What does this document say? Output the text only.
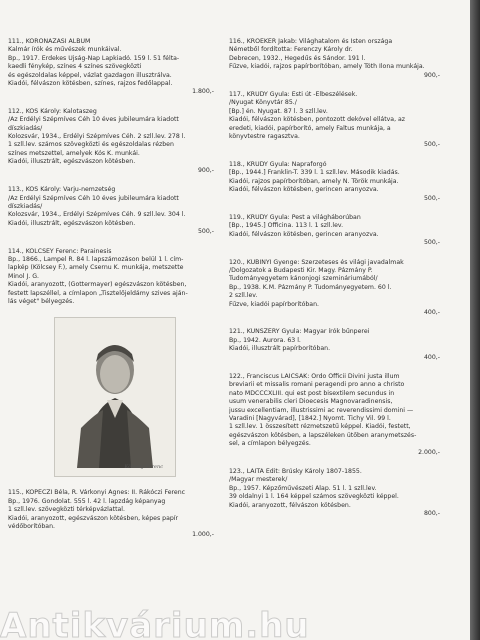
111., KORONÁZÁSI ALBUM
Kalmár írók és művészek munkáival.
Bp., 1917. Érdekes Újság-Nap Lapkiadó. 159 l. 51 félta-
kaedli fénykép, színes 4 színes szövegközti
és egészoldalas képpel, vázlat gazdagon illusztrálva.
Kiadói, félvászon kötésben, színes, rajzos fedőlappal.
1.800,-
112., KÓS Károly: Kalotaszeg
/Az Erdélyi Szépmíves Céh 10 éves jubileumára kiadott
díszkiadás/
Kolozsvár, 1934., Erdélyi Szépmíves Céh. 2 szll.lev. 278 l.
1 szll.lev. számos szövegközti és egészoldalas rézben
színes metszettel, amelyek Kós K. munkái.
Kiadói, illusztrált, egészvászon kötésben.
900,-
113., KÓS Károly: Varju-nemzetség
/Az Erdélyi Szépmíves Céh 10 éves jubileumára kiadott
díszkiadás/
Kolozsvár, 1934., Erdélyi Szépmíves Céh. 9 szll.lev. 304 l.
Kiadói, illusztrált, egészvászon kötésben.
500,-
114., KÖLCSEY Ferenc: Parainesis
Bp., 1866., Lampel R. 84 l. lapszámozáson belül 1 l. cím-
lapkép (Kölcsey F.), amely Csernu K. munkája, metszette
Minol J. G.
Kiadói, aranyozott, (Gottermayer) egészvászon kötésben,
festett lapszéllel, a címlapon „Tisztelőjeldámy szives aján-
lás véget" bélyegzés.
Kölcsey Ferenc
115., KOPECZI Béla, R. Várkonyi Ágnes: II. Rákóczi Ferenc
Bp., 1976. Gondolat. 555 l. 42 l. lapzdág képanyag
1 szll.lev. szövegközti térképvázlattal.
Kiadói, aranyozott, egészvászon kötésben, képes papír
védőborítóban.
1.000,-
116., KROEKER Jakab: Világhatalom és Isten országa
Németből fordította: Ferenczy Károly dr.
Debrecen, 1932., Hegedűs és Sándor. 191 l.
Fűzve, kiadói, rajzos papírborítóban, amely Tóth Ilona munkája.
900,-
117., KRÚDY Gyula: Esti út -Elbeszélések.
/Nyugat Könyvtár 85./
[Bp.] én. Nyugat. 87 l. 3 szll.lev.
Kiadói, félvászon kötésben, pontozott dekóvel ellátva, az
eredeti, kiadói, papírborító, amely Faltus munkája, a
könyvtestre ragasztva.
500,-
118., KRÚDY Gyula: Napraforgó
[Bp., 1944.] Franklin-T. 339 l. 1 szll.lev. Második kiadás.
Kiadói, rajzos papírborítóban, amely N. Török munkája.
Kiadói, félvászon kötésben, gerincen aranyozva.
500,-
119., KRÚDY Gyula: Pest a világháborúban
[Bp., 1945.] Officina. 113 l. 1 szll.lev.
Kiadói, félvászon kötésben, gerincen aranyozva.
500,-
120., KUBINYI Gyenge: Szerzeteses és világi javadalmak
/Dolgozatok a Budapesti Kir. Magy. Pázmány P.
Tudományegyetem kánonjogi szemináriumából/
Bp., 1938. K.M. Pázmány P. Tudományegyetem. 60 l.
2 szll.lev.
Fűzve, kiadói papírborítóban.
400,-
121., KUNSZERY Gyula: Magyar írók bűnperei
Bp., 1942. Aurora. 63 l.
Kiadói, illusztrált papírborítóban.
400,-
122., Franciscus LAICSÁK: Ordo Officii Divini justa illum
breviarii et missalis romani peragendi pro anno a christo
nato MDCCCXLIII. qui est post bisextilem secundus in
usum venerabilis cleri Dioecesis Magnovaradinensis,
jussu excellentiam, illustrissimi ac reverendissimi domini —
Varadini [Nagyvárad], [1842.] Nyomt. Tichy Vil. 99 l.
1 szll.lev. 1 összesített rézmetszetű képpel. Kiadói, festett,
egészvászon kötésben, a lapszéleken ütőben aranymetszés-
sel, a címlapon bélyegzés.
2.000,-
123., LAITA Edit: Brúsky Károly 1807-1855.
/Magyar mesterek/
Bp., 1957. Képzőművészeti Alap. 51 l. 1 szll.lev.
39 oldalnyi 1 l. 164 képpel számos szövegközti képpel.
Kiadói, aranyozott, félvászon kötésben.
800,-
Antikvárium.hu
